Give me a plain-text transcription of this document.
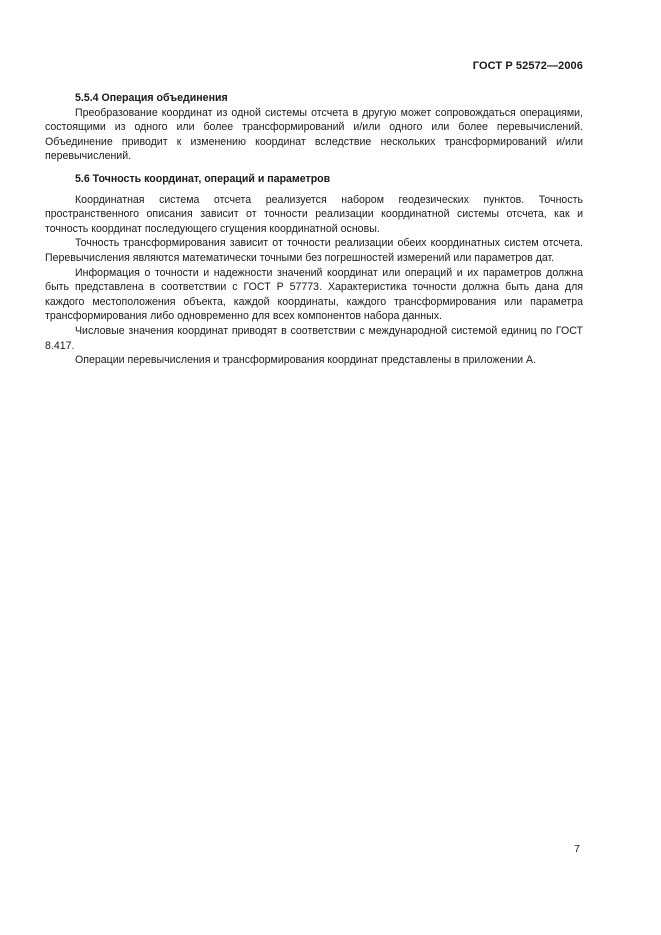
ГОСТ Р 52572—2006

5.5.4 Операция объединения

Преобразование координат из одной системы отсчета в другую может сопровождаться операциями, состоящими из одного или более трансформирований и/или одного или более перевычислений. Объединение приводит к изменению координат вследствие нескольких трансформирований и/или перевычислений.

5.6 Точность координат, операций и параметров

Координатная система отсчета реализуется набором геодезических пунктов. Точность пространственного описания зависит от точности реализации координатной системы отсчета, как и точность координат последующего сгущения координатной основы.

Точность трансформирования зависит от точности реализации обеих координатных систем отсчета. Перевычисления являются математически точными без погрешностей измерений или параметров дат.

Информация о точности и надежности значений координат или операций и их параметров должна быть представлена в соответствии с ГОСТ Р 57773. Характеристика точности должна быть дана для каждого местоположения объекта, каждой координаты, каждого трансформирования или параметра трансформирования либо одновременно для всех компонентов набора данных.

Числовые значения координат приводят в соответствии с международной системой единиц по ГОСТ 8.417.

Операции перевычисления и трансформирования координат представлены в приложении А.

7
